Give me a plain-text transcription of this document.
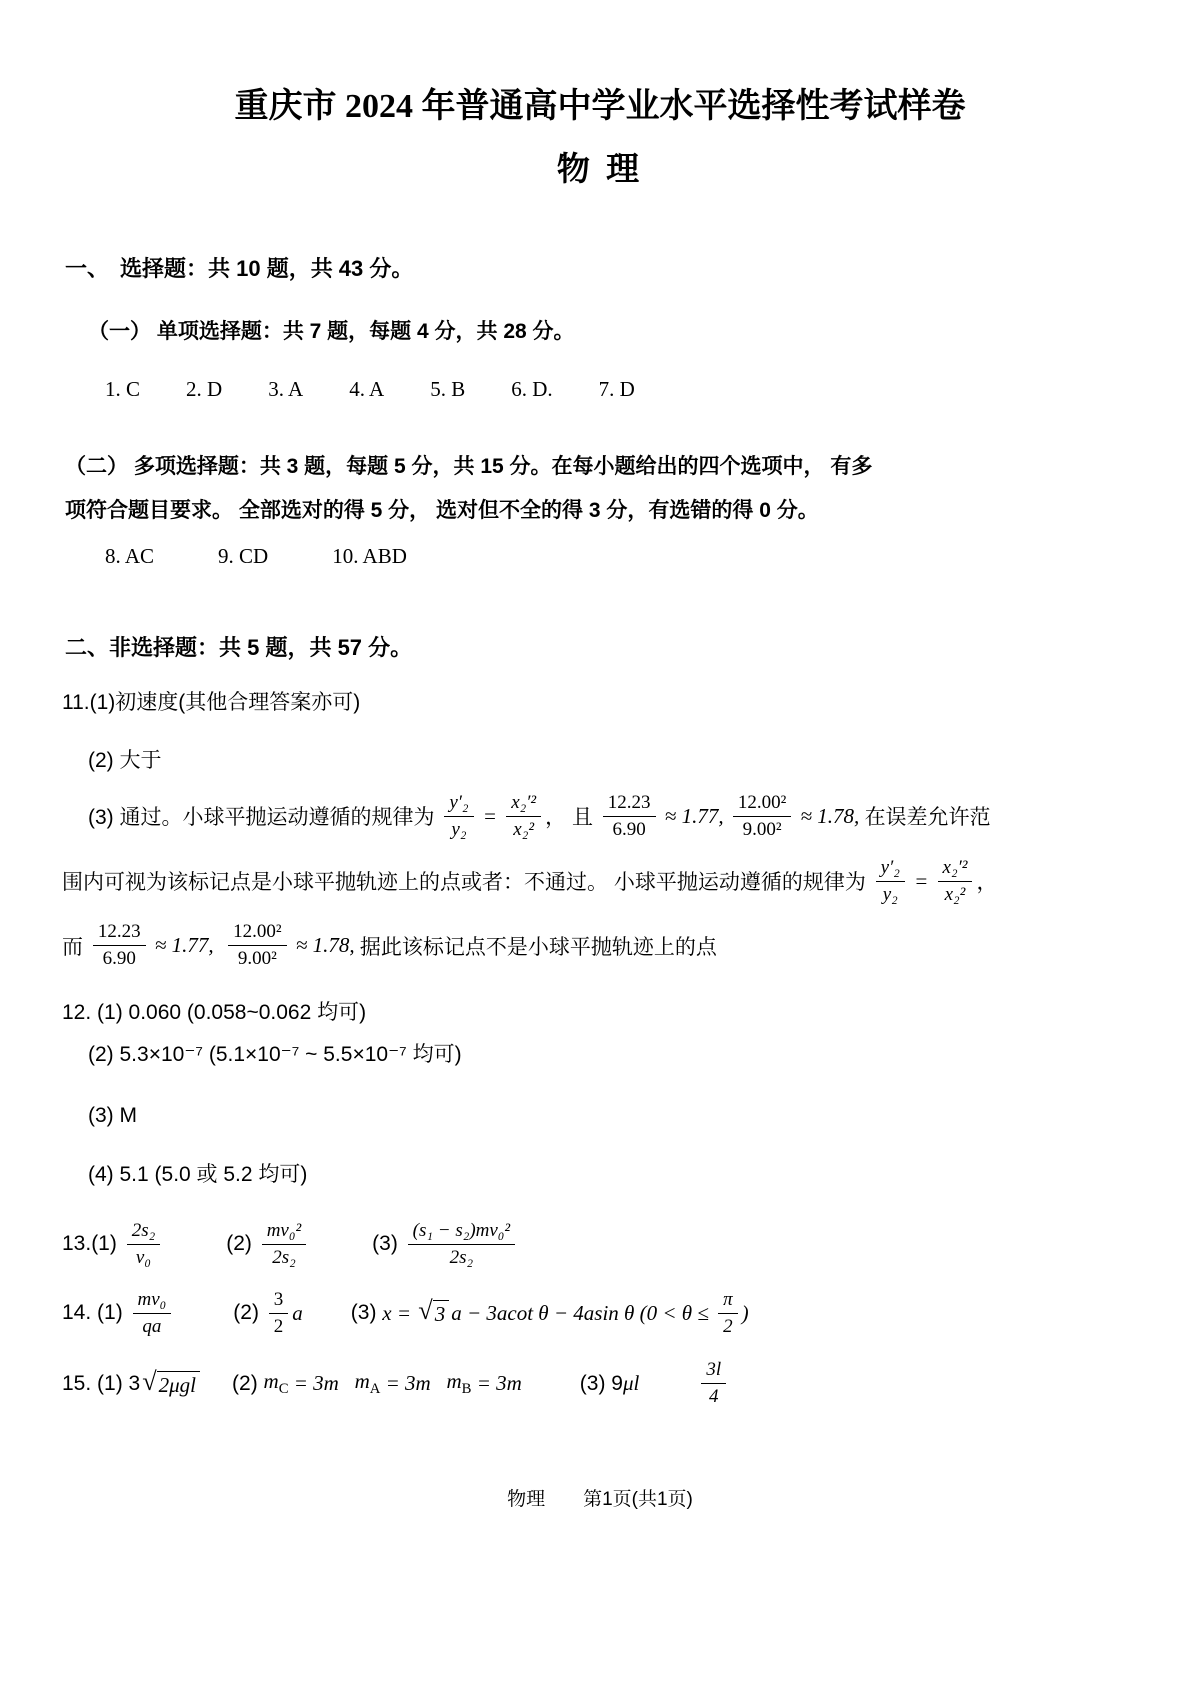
重庆市 2024 年普通高中学业水平选择性考试样卷
物 理
一、　选择题：共 10 题，共 43 分。
（一） 单项选择题：共 7 题，每题 4 分，共 28 分。
1. C 2. D 3. A 4. A 5. B 6. D. 7. D
（二） 多项选择题：共 3 题，每题 5 分，共 15 分。在每小题给出的四个选项中， 有多
项符合题目要求。 全部选对的得 5 分， 选对但不全的得 3 分，有选错的得 0 分。
8. AC	9. CD	10. ABD
二、非选择题：共 5 题，共 57 分。
11.(1)初速度(其他合理答案亦可)
(2) 大于
(3) 通过。小球平抛运动遵循的规律为 $\frac{\text{y′₂}}{\text{y₂}} = \frac{\text{x₂′²}}{\text{x₂²}}$ ， 且 $\frac{12.23}{6.90} \approx 1.77$, $\frac{\text{12.00²}}{\text{9.00²}} \approx 1.78$, 在误差允许范
围内可视为该标记点是小球平抛轨迹上的点或者：不通过。 小球平抛运动遵循的规律为 $\frac{\text{y′₂}}{\text{y₂}} = \frac{\text{x₂′²}}{\text{x₂²}}$ ，
而 $\frac{12.23}{6.90} \approx 1.77$, $\frac{\text{12.00²}}{\text{9.00²}} \approx 1.78$, 据此该标记点不是小球平抛轨迹上的点
12. (1) 0.060 (0.058~0.062 均可)
(2) 5.3×10⁻⁷ (5.1×10⁻⁷ ~ 5.5×10⁻⁷ 均可)
(3) M
(4) 5.1 (5.0 或 5.2 均可)
$13.(1) \frac{\text{2s₂}}{\text{v₀}}$	$(2) \frac{\text{mv₀²}}{\text{2s₂}}$	$(3) \frac{\text{(s₁ − s₂)mv₀²}}{\text{2s₂}}$
14. $(1) \frac{\text{mv₀}}{qa}$	$(2) \frac{3}{2}$ a (3) x = √ 3 a − 3acot θ − 4asin θ ($0 < \theta \le \frac{\pi}{2}$ )
15. (1) 3 √ 2μgl (2) $m_C = 3m$ $m_A = 3m$ $m_B = 3m$	(3) 9 μl	$\frac{3l}{4}$
物理　　第1页(共1页)
